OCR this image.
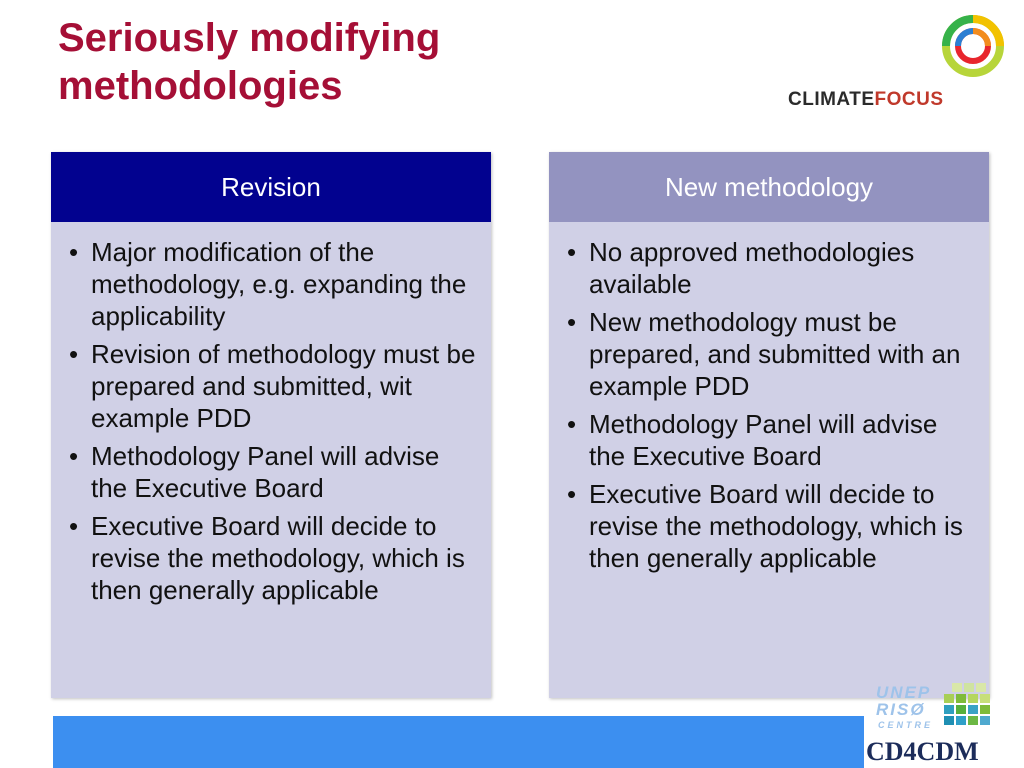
Seriously modifying
methodologies	CLIMATEFOCUS
Revision
• Major modification of the methodology, e.g. expanding the applicability
• Revision of methodology must be prepared and submitted, wit example PDD
• Methodology Panel will advise the Executive Board
• Executive Board will decide to revise the methodology, which is then generally applicable
New methodology
• No approved methodologies available
• New methodology must be prepared, and submitted with an example PDD
• Methodology Panel will advise the Executive Board
• Executive Board will decide to revise the methodology, which is then generally applicable
UNEP
RISØ
CENTRE
CD4CDM
